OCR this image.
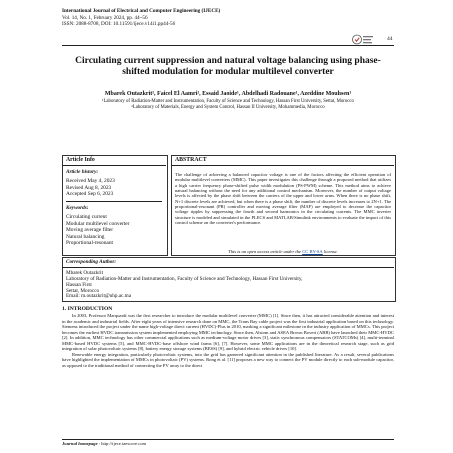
International Journal of Electrical and Computer Engineering (IJECE)
Vol. 14, No. 1, February 2024, pp. 44~56
ISSN: 2088-8708, DOI: 10.11591/ijece.v14i1.pp44-56
44
Circulating current suppression and natural voltage balancing using phase-shifted modulation for modular multilevel converter
Mbarek Outazkrit¹, Faicel El Aamri², Essaid Jaoide¹, Abdelhadi Radouane¹, Azeddine Mouhsen¹
¹Laboratory of Radiation-Matter and Instrumentation, Faculty of Science and Technology, Hassan First University, Settat, Morocco
²Laboratory of Materials, Energy and System Control, Hassan II University, Mohammedia, Morocco
Article Info
Article history:
Received May 4, 2023
Revised Aug 8, 2023
Accepted Sep 6, 2023
Keywords:
Circulating current
Modular multilevel converter
Moving average filter
Natural balancing
Proportional-resonant
ABSTRACT
The challenge of achieving a balanced capacitor voltage is one of the factors affecting the efficient operation of modular multilevel converters (MMC). This paper investigates this challenge through a proposed method that utilizes a high carrier frequency phase-shifted pulse width modulation (PS-PWM) scheme. This method aims to achieve natural balancing without the need for any additional control mechanism. Moreover, the number of output voltage levels is affected by the phase shift between the carriers of the upper and lower arms. When there is no phase shift, N+1 discrete levels are achieved, but when there is a phase shift, the number of discrete levels increases to 2N+1. The proportional-resonant (PR) controller and moving average filter (MAF) are employed to decrease the capacitor voltage ripples by suppressing the fourth and second harmonics in the circulating currents. The MMC inverter structure is modeled and simulated in the PLECS and MATLAB/Simulink environments to evaluate the impact of this control scheme on the converter's performance.
This is an open access article under the CC BY-SA license.
Corresponding Author:
Mbarek Outazkrit
Laboratory of Radiation-Matter and Instrumentation, Faculty of Science and Technology, Hassan First University,
Hassan First
Settat, Morocco
Email: m.outazkrit@uhp.ac.ma
1. INTRODUCTION

In 2003, Professor Marquardt was the first researcher to introduce the modular multilevel converter (MMC) [1]. Since then, it has attracted considerable attention and interest in the academic and industrial fields. After eight years of intensive research done on MMC, the Trans Bay cable project was the first industrial application based on this technology. Siemens introduced the project under the name high-voltage direct current (HVDC)-Plus in 2010, marking a significant milestone in the industry application of MMCs. This project becomes the earliest HVDC transmission system implemented employing MMC technology. Since then, Alstom and ASEA Brown Boveri (ABB) have launched their MMC-HVDC [2]. In addition, MMC technology has other commercial applications such as medium-voltage motor drives [3], static synchronous compensators (STATCOMs) [4], multi-terminal MMC-based HVDC systems [5], and MMC-HVDC-base offshore wind farms [6], [7]. However, some MMC applications are in the theoretical research stage, such as grid integration of solar photovoltaic systems [8], battery energy storage systems (BESS) [9], and hybrid electric vehicle drives [10].

Renewable energy integration, particularly photovoltaic systems, into the grid has garnered significant attention in the published literature. As a result, several publications have highlighted the implementation of MMCs in photovoltaic (PV) systems. Rong et al. [11] proposes a new way to connect the PV module directly to each sub-module capacitor, as opposed to the traditional method of connecting the PV array to the direct

Journal homepage : http://ijece.iaescore.com
